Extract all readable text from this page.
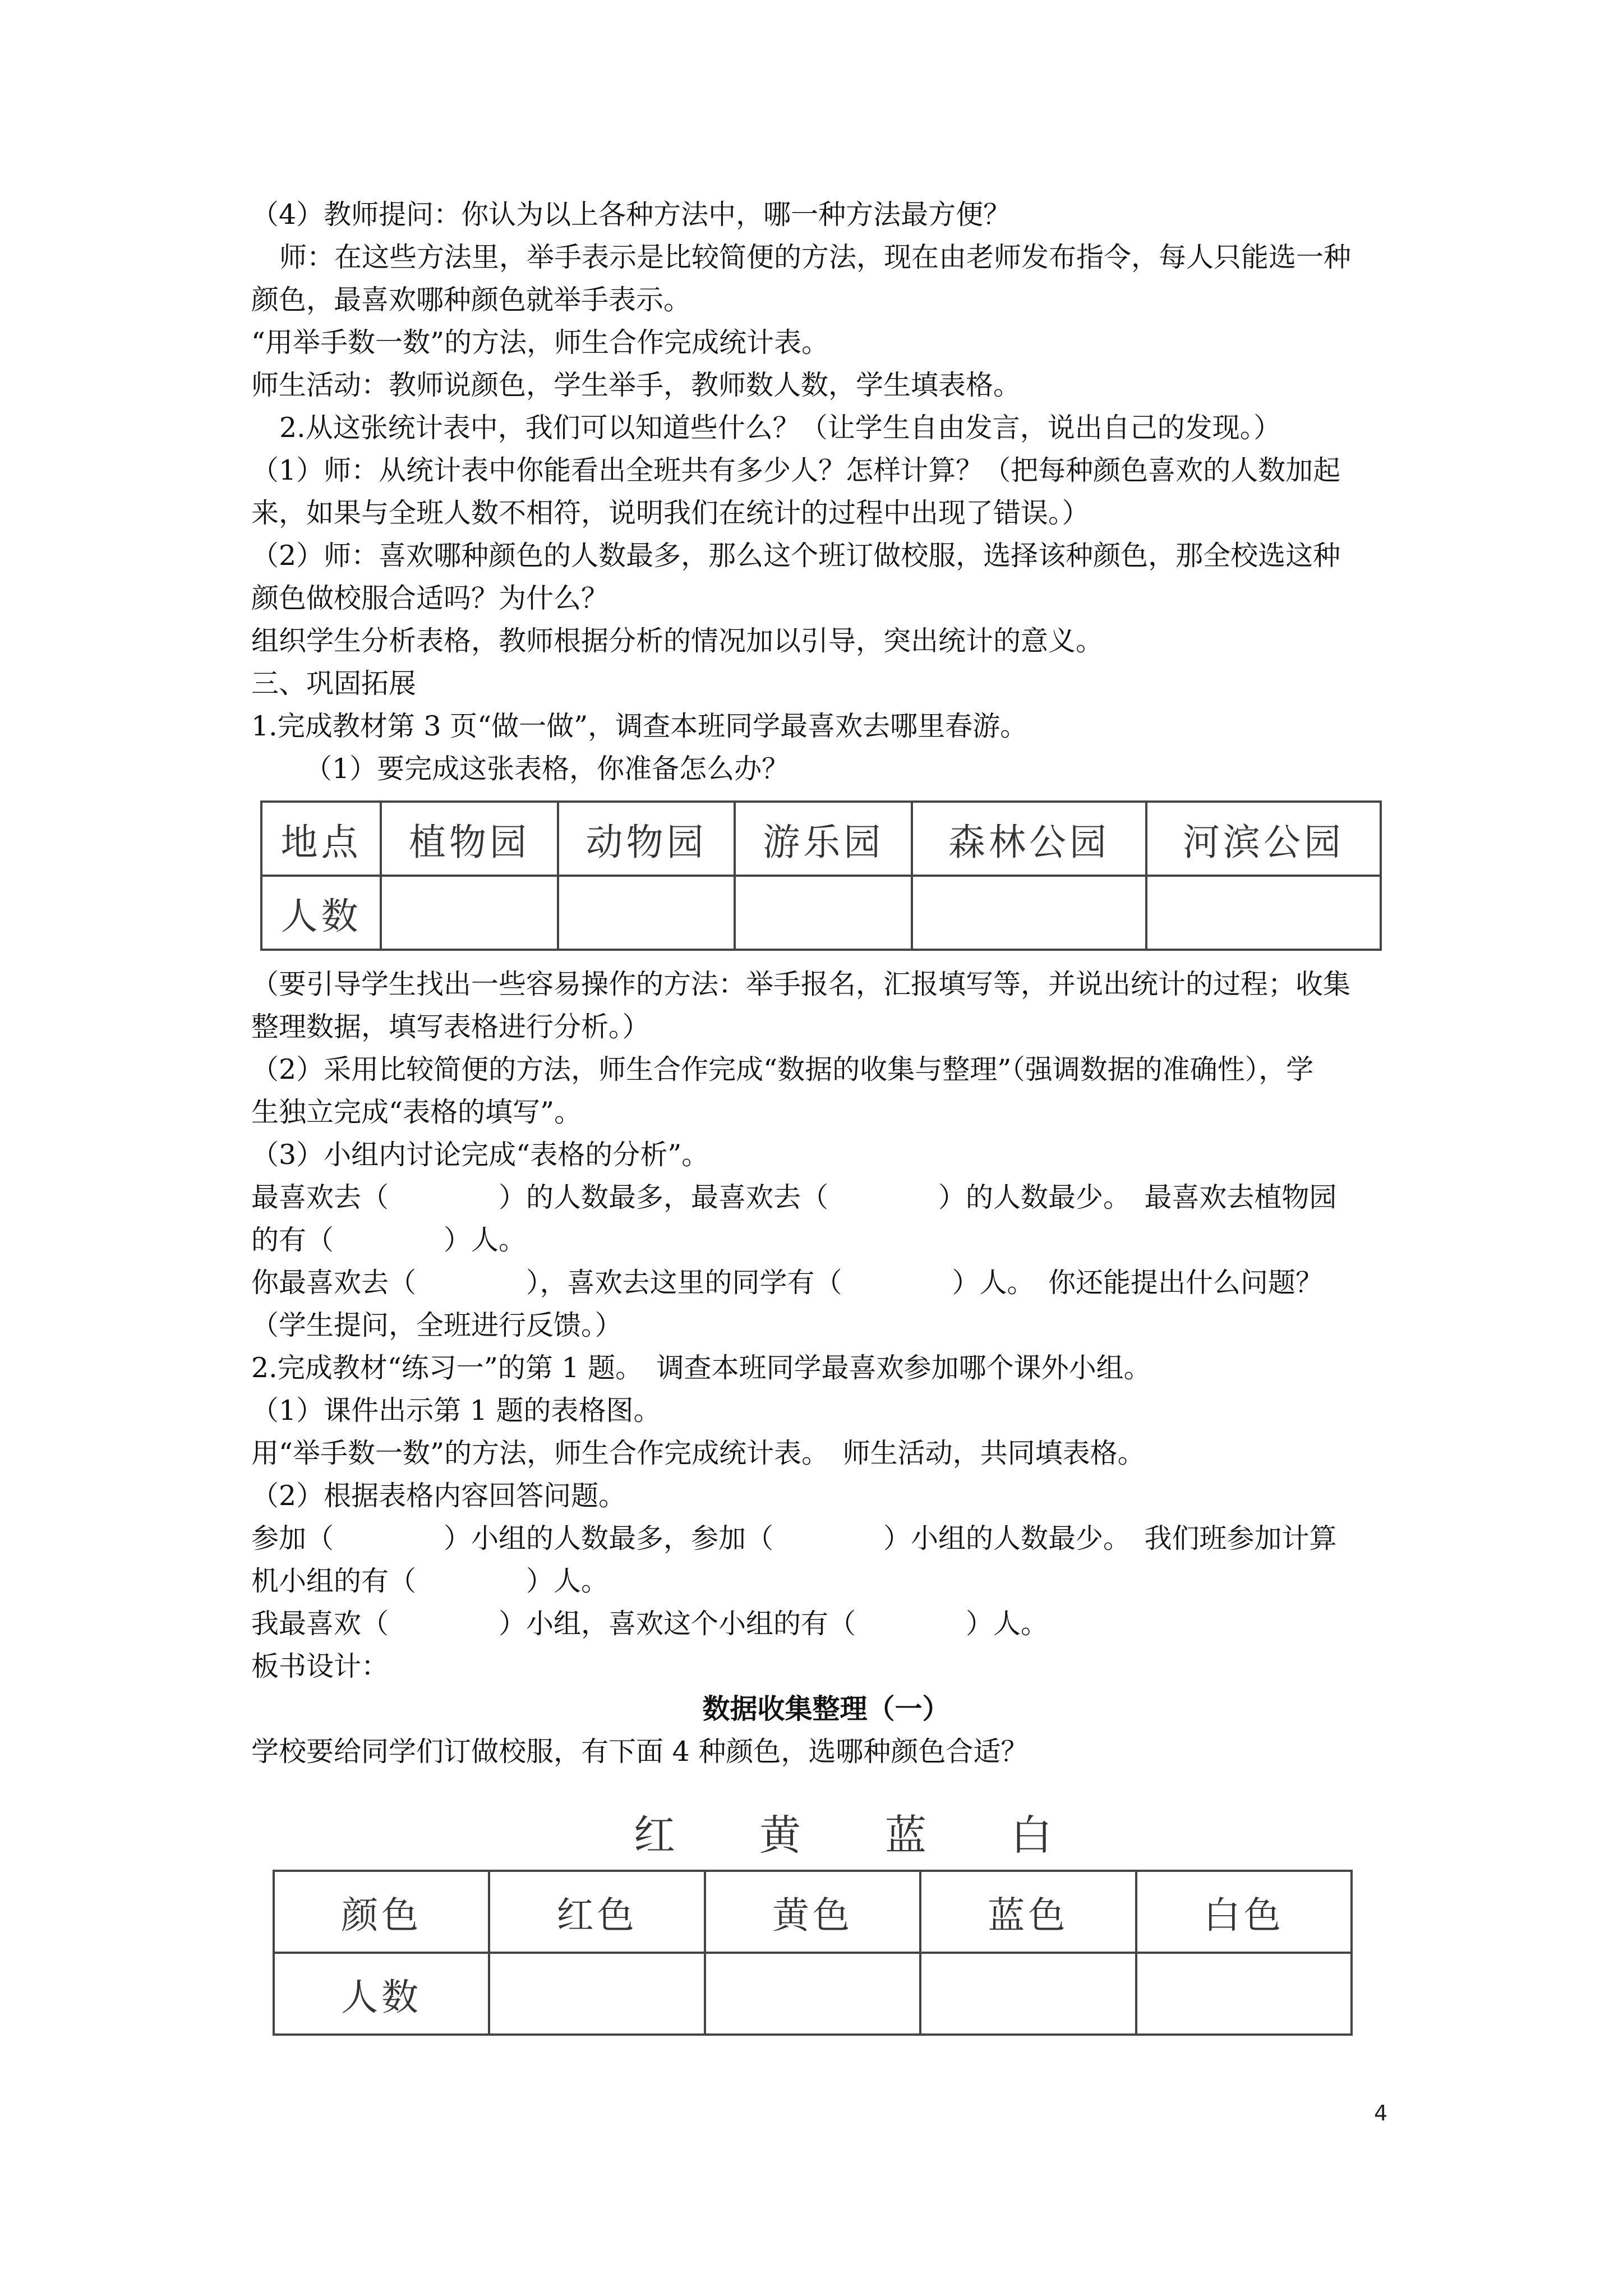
（4）教师提问：你认为以上各种方法中，哪一种方法最方便？

师：在这些方法里，举手表示是比较简便的方法，现在由老师发布指令，每人只能选一种

颜色，最喜欢哪种颜色就举手表示。

“用举手数一数”的方法，师生合作完成统计表。

师生活动：教师说颜色，学生举手，教师数人数，学生填表格。

2.从这张统计表中，我们可以知道些什么？（让学生自由发言，说出自己的发现。）

（1）师：从统计表中你能看出全班共有多少人？怎样计算？（把每种颜色喜欢的人数加起

来，如果与全班人数不相符，说明我们在统计的过程中出现了错误。）

（2）师：喜欢哪种颜色的人数最多，那么这个班订做校服，选择该种颜色，那全校选这种

颜色做校服合适吗？为什么？

组织学生分析表格，教师根据分析的情况加以引导，突出统计的意义。

三、巩固拓展

1.完成教材第 3 页“做一做”，调查本班同学最喜欢去哪里春游。

（1）要完成这张表格，你准备怎么办？

地点	植物园	动物园	游乐园	森林公园	河滨公园
人数					

（要引导学生找出一些容易操作的方法：举手报名，汇报填写等，并说出统计的过程；收集

整理数据，填写表格进行分析。）

（2）采用比较简便的方法，师生合作完成“数据的收集与整理”（强调数据的准确性），学

生独立完成“表格的填写”。

（3）小组内讨论完成“表格的分析”。

最喜欢去（　　　　）的人数最多，最喜欢去（　　　　）的人数最少。　最喜欢去植物园

的有（　　　　）人。

你最喜欢去（　　　　），喜欢去这里的同学有（　　　　）人。　你还能提出什么问题？

（学生提问，全班进行反馈。）

2.完成教材“练习一”的第 1 题。　调查本班同学最喜欢参加哪个课外小组。

（1）课件出示第 1 题的表格图。

用“举手数一数”的方法，师生合作完成统计表。　师生活动，共同填表格。

（2）根据表格内容回答问题。

参加（　　　　）小组的人数最多，参加（　　　　）小组的人数最少。　我们班参加计算

机小组的有（　　　　）人。

我最喜欢（　　　　）小组，喜欢这个小组的有（　　　　）人。

板书设计：

数据收集整理（一）

学校要给同学们订做校服，有下面 4 种颜色，选哪种颜色合适？

红 黄 蓝 白
颜色	红色	黄色	蓝色	白色
人数				
4
